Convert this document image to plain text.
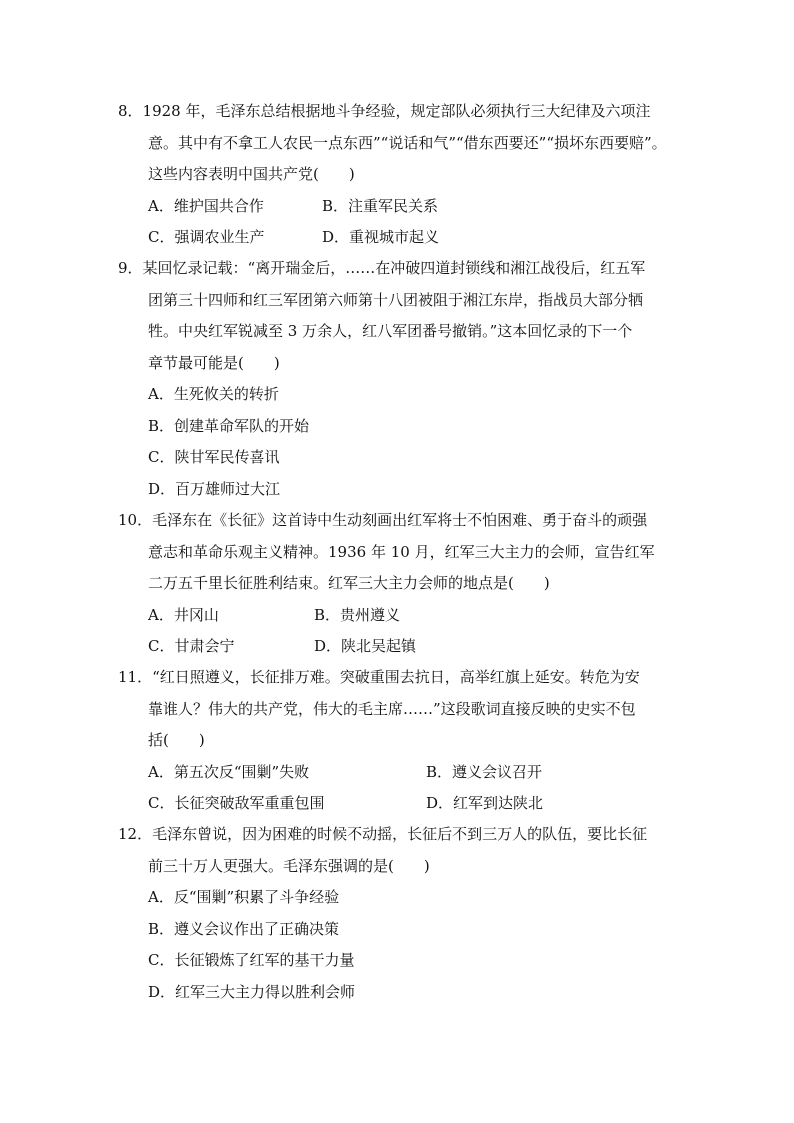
8．1928 年，毛泽东总结根据地斗争经验，规定部队必须执行三大纪律及六项注
意。其中有不拿工人农民一点东西”“说话和气”“借东西要还”“损坏东西要赔”。
这些内容表明中国共产党(　　)
A．维护国共合作	B．注重军民关系
C．强调农业生产	D．重视城市起义
9．某回忆录记载：“离开瑞金后，……在冲破四道封锁线和湘江战役后，红五军
团第三十四师和红三军团第六师第十八团被阻于湘江东岸，指战员大部分牺
牲。中央红军锐减至 3 万余人，红八军团番号撤销。”这本回忆录的下一个
章节最可能是(　　)
A．生死攸关的转折
B．创建革命军队的开始
C．陕甘军民传喜讯
D．百万雄师过大江
10．毛泽东在《长征》这首诗中生动刻画出红军将士不怕困难、勇于奋斗的顽强
意志和革命乐观主义精神。1936 年 10 月，红军三大主力的会师，宣告红军
二万五千里长征胜利结束。红军三大主力会师的地点是(　　)
A．井冈山	B．贵州遵义
C．甘肃会宁	D．陕北吴起镇
11．“红日照遵义，长征排万难。突破重围去抗日，高举红旗上延安。转危为安
靠谁人？伟大的共产党，伟大的毛主席……”这段歌词直接反映的史实不包
括(　　)
A．第五次反“围剿”失败	B．遵义会议召开
C．长征突破敌军重重包围	D．红军到达陕北
12．毛泽东曾说，因为困难的时候不动摇，长征后不到三万人的队伍，要比长征
前三十万人更强大。毛泽东强调的是(　　)
A．反“围剿”积累了斗争经验
B．遵义会议作出了正确决策
C．长征锻炼了红军的基干力量
D．红军三大主力得以胜利会师
